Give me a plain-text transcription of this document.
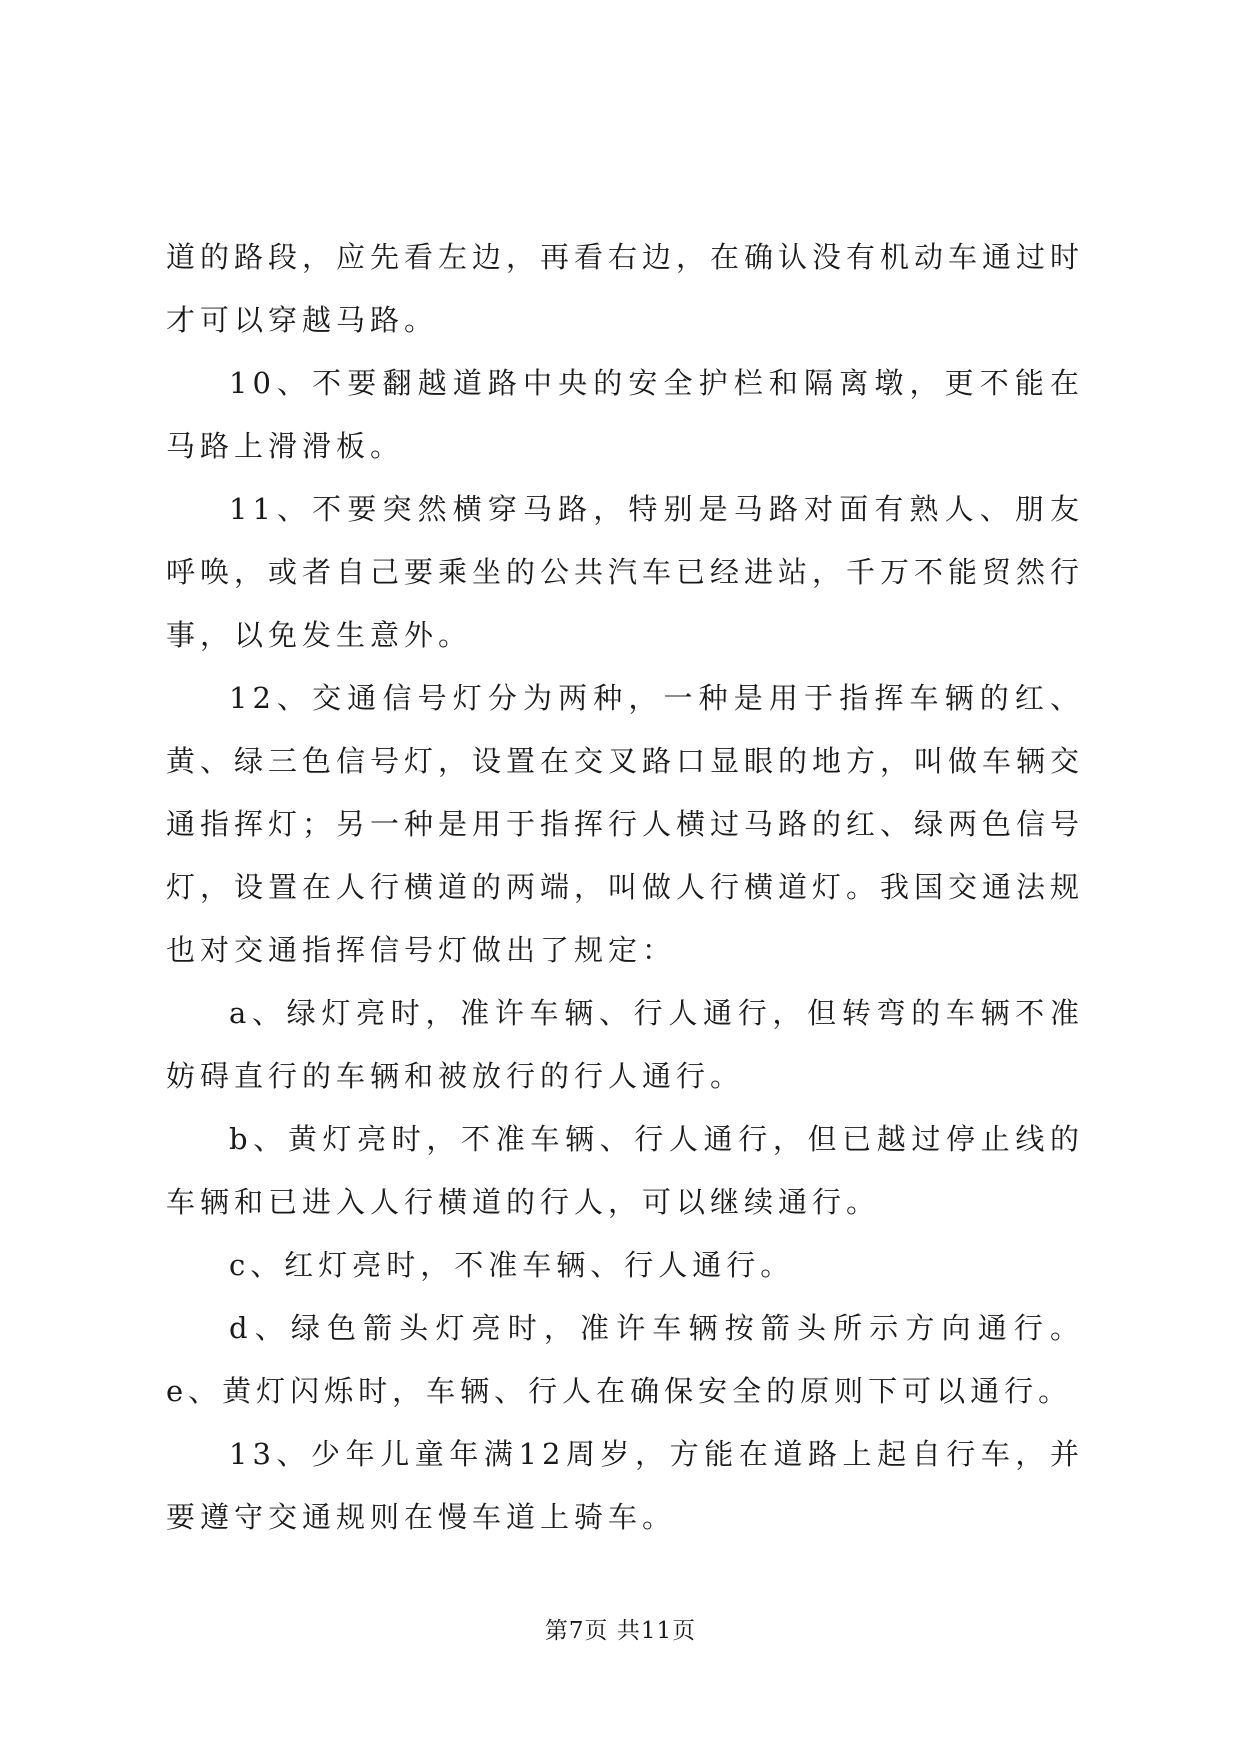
道的路段，应先看左边，再看右边，在确认没有机动车通过时才可以穿越马路。

10、不要翻越道路中央的安全护栏和隔离墩，更不能在马路上滑滑板。

11、不要突然横穿马路，特别是马路对面有熟人、朋友呼唤，或者自己要乘坐的公共汽车已经进站，千万不能贸然行事，以免发生意外。

12、交通信号灯分为两种，一种是用于指挥车辆的红、黄、绿三色信号灯，设置在交叉路口显眼的地方，叫做车辆交通指挥灯；另一种是用于指挥行人横过马路的红、绿两色信号灯，设置在人行横道的两端，叫做人行横道灯。我国交通法规也对交通指挥信号灯做出了规定：

a、绿灯亮时，准许车辆、行人通行，但转弯的车辆不准妨碍直行的车辆和被放行的行人通行。

b、黄灯亮时，不准车辆、行人通行，但已越过停止线的车辆和已进入人行横道的行人，可以继续通行。

c、红灯亮时，不准车辆、行人通行。

d、绿色箭头灯亮时，准许车辆按箭头所示方向通行。e、黄灯闪烁时，车辆、行人在确保安全的原则下可以通行。

13、少年儿童年满12周岁，方能在道路上起自行车，并要遵守交通规则在慢车道上骑车。

第7页 共11页
